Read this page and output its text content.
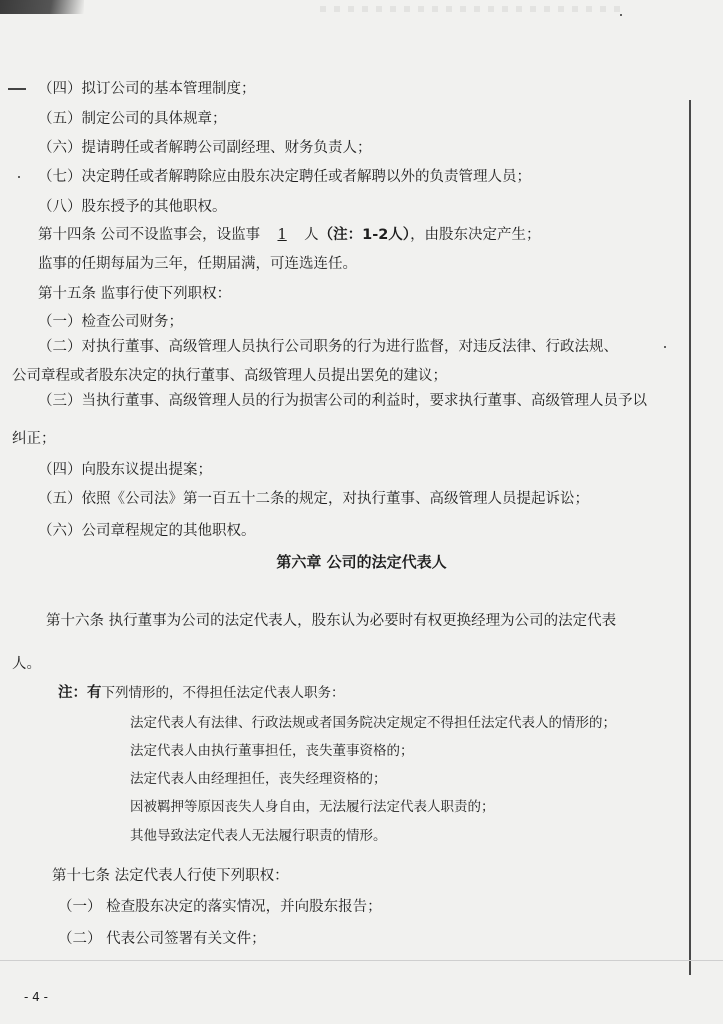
（四）拟订公司的基本管理制度；
（五）制定公司的具体规章；
（六）提请聘任或者解聘公司副经理、财务负责人；
（七）决定聘任或者解聘除应由股东决定聘任或者解聘以外的负责管理人员；
（八）股东授予的其他职权。
第十四条 公司不设监事会，设监事 1 人（注：1-2人），由股东决定产生；
监事的任期每届为三年，任期届满，可连选连任。
第十五条 监事行使下列职权：
（一）检查公司财务；
（二）对执行董事、高级管理人员执行公司职务的行为进行监督，对违反法律、行政法规、
公司章程或者股东决定的执行董事、高级管理人员提出罢免的建议；
（三）当执行董事、高级管理人员的行为损害公司的利益时，要求执行董事、高级管理人员予以
纠正；
（四）向股东议提出提案；
（五）依照《公司法》第一百五十二条的规定，对执行董事、高级管理人员提起诉讼；
（六）公司章程规定的其他职权。
第六章 公司的法定代表人
第十六条 执行董事为公司的法定代表人，股东认为必要时有权更换经理为公司的法定代表
人。
注：有下列情形的，不得担任法定代表人职务：
法定代表人有法律、行政法规或者国务院决定规定不得担任法定代表人的情形的；
法定代表人由执行董事担任，丧失董事资格的；
法定代表人由经理担任，丧失经理资格的；
因被羁押等原因丧失人身自由，无法履行法定代表人职责的；
其他导致法定代表人无法履行职责的情形。
第十七条 法定代表人行使下列职权：
（一） 检查股东决定的落实情况，并向股东报告；
（二） 代表公司签署有关文件；
- 4 -
